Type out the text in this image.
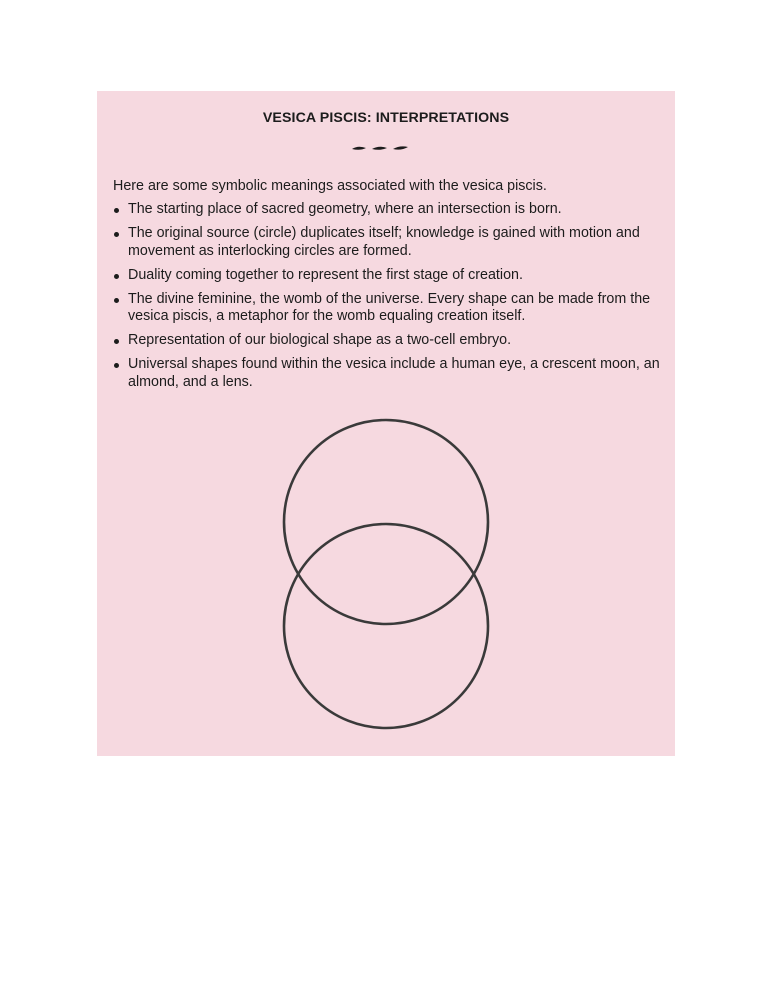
VESICA PISCIS: INTERPRETATIONS
Here are some symbolic meanings associated with the vesica piscis.
The starting place of sacred geometry, where an intersection is born.
The original source (circle) duplicates itself; knowledge is gained with motion and movement as interlocking circles are formed.
Duality coming together to represent the first stage of creation.
The divine feminine, the womb of the universe. Every shape can be made from the vesica piscis, a metaphor for the womb equaling creation itself.
Representation of our biological shape as a two-cell embryo.
Universal shapes found within the vesica include a human eye, a crescent moon, an almond, and a lens.
